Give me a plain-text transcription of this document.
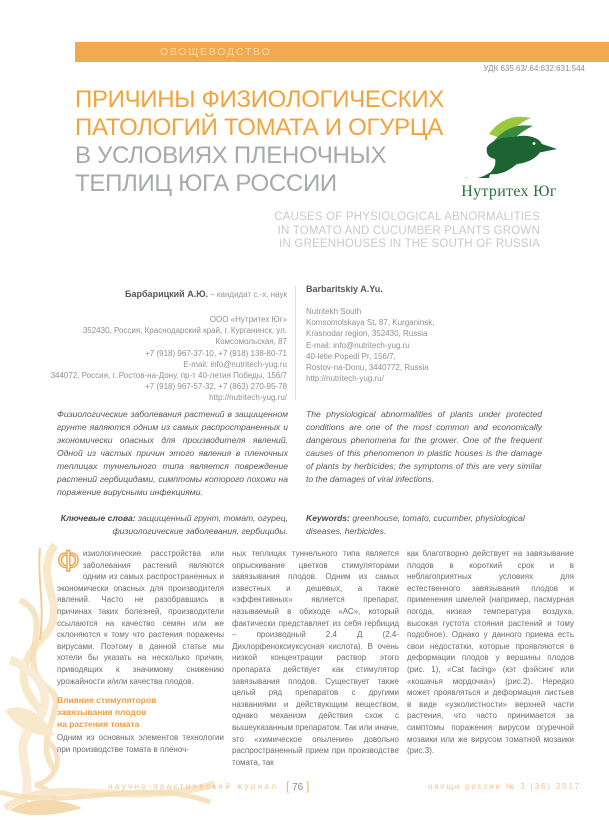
ОВОЩЕВОДСТВО
УДК 635.63/.64:632:631.544
ПРИЧИНЫ ФИЗИОЛОГИЧЕСКИХ
ПАТОЛОГИЙ ТОМАТА И ОГУРЦА
В УСЛОВИЯХ ПЛЕНОЧНЫХ
ТЕПЛИЦ ЮГА РОССИИ	Нутритех Юг
CAUSES OF PHYSIOLOGICAL ABNORMALITIES
IN TOMATO AND CUCUMBER PLANTS GROWN
IN GREENHOUSES IN THE SOUTH OF RUSSIA
Барбарицкий А.Ю. – кандидат с.-х. наук
ООО «Нутритех Юг»
352430, Россия, Краснодарский край, г. Курганинск, ул.
Комсомольская, 87
+7 (918) 967-37-10, +7 (918) 138-80-71
E-mail: info@nutritech-yug.ru
344072, Россия, г. Ростов-на-Дону, пр-т 40-летия Победы, 156/7
+7 (918) 967-57-32, +7 (863) 270-95-78
http://nutritech-yug.ru/
Barbaritskiy A.Yu.
Nutritekh South
Komsomolskaya St, 87, Kurganinsk,
Krasnodar region, 352430, Russia
E-mail: info@nutritech-yug.ru
40-letie Popedi Pr, 156/7,
Rostov-na-Donu, 3440772, Russia
http://nutritech-yug.ru/
Физиологические заболевания растений в защищенном грунте являются одним из самых распространенных и экономически опасных для производителя явлений. Одной из частых причин этого явления в пленочных теплицах туннельного типа является повреждение растений гербицидами, симптомы которого похожи на поражение вирусными инфекциями.
Ключевые слова: защищенный грунт, томат, огурец, физиологические заболевания, гербициды.
The physiological abnormalities of plants under protected conditions are one of the most common and economically dangerous phenomena for the grower. One of the frequent causes of this phenomenon in plastic houses is the damage of plants by herbicides; the symptoms of this are very similar to the damages of viral infections.
Keywords: greenhouse, tomato, cucumber, physiological diseases, herbicides.

Физиологические расстройства или заболевания растений являются одним из самых распространенных и экономически опасных для производителя явлений. Часто не разобравшись в причинах таких болезней, производители ссылаются на качество семян или же склоняются к тому что растения поражены вирусами. Поэтому в данной статье мы хотели бы указать на несколько причин, приводящих к значимому снижению урожайности и/или качества плодов.

Влияние стимуляторов
завязывания плодов
на растения томата

Одним из основных элементов технологии при производстве томата в пленоч-

ных теплицах туннельного типа является опрыскивание цветков стимуляторами завязывания плодов. Одним из самых известных и дешевых, а также «эффективных» является препарат, называемый в обиходе «АС», который фактически представляет из себя гербицид – производный 2,4 Д (2,4-Дихлорфеноксиуксусная кислота). В очень низкой концентрации раствор этого препарата действует как стимулятор завязывания плодов. Существует также целый ряд препаратов с другими названиями и действующим веществом, однако механизм действия схож с вышеуказанным препаратом. Так или иначе, это «химическое опыление» довольно распространенный прием при производстве томата, так

как благотворно действует на завязывание плодов в короткий срок и в неблагоприятных условиях для естественного завязывания плодов и применения шмелей (например, пасмурная погода, низкая температура воздуха, высокая густота стояния растений и тому подобное). Однако у данного приема есть свои недостатки, которые проявляются в деформации плодов у вершины плодов (рис. 1), «Cat facing» (кэт фэйсинг или «кошачья мордочка») (рис.2). Нередко может проявляться и деформация листьев в виде «узколистности» верхней части растения, что часто принимается за симптомы поражения вирусом огуречной мозаики или же вирусом томатной мозаики (рис.3).

научно-практический журнал [ 76 ]	овощи россии № 3 (36) 2017
